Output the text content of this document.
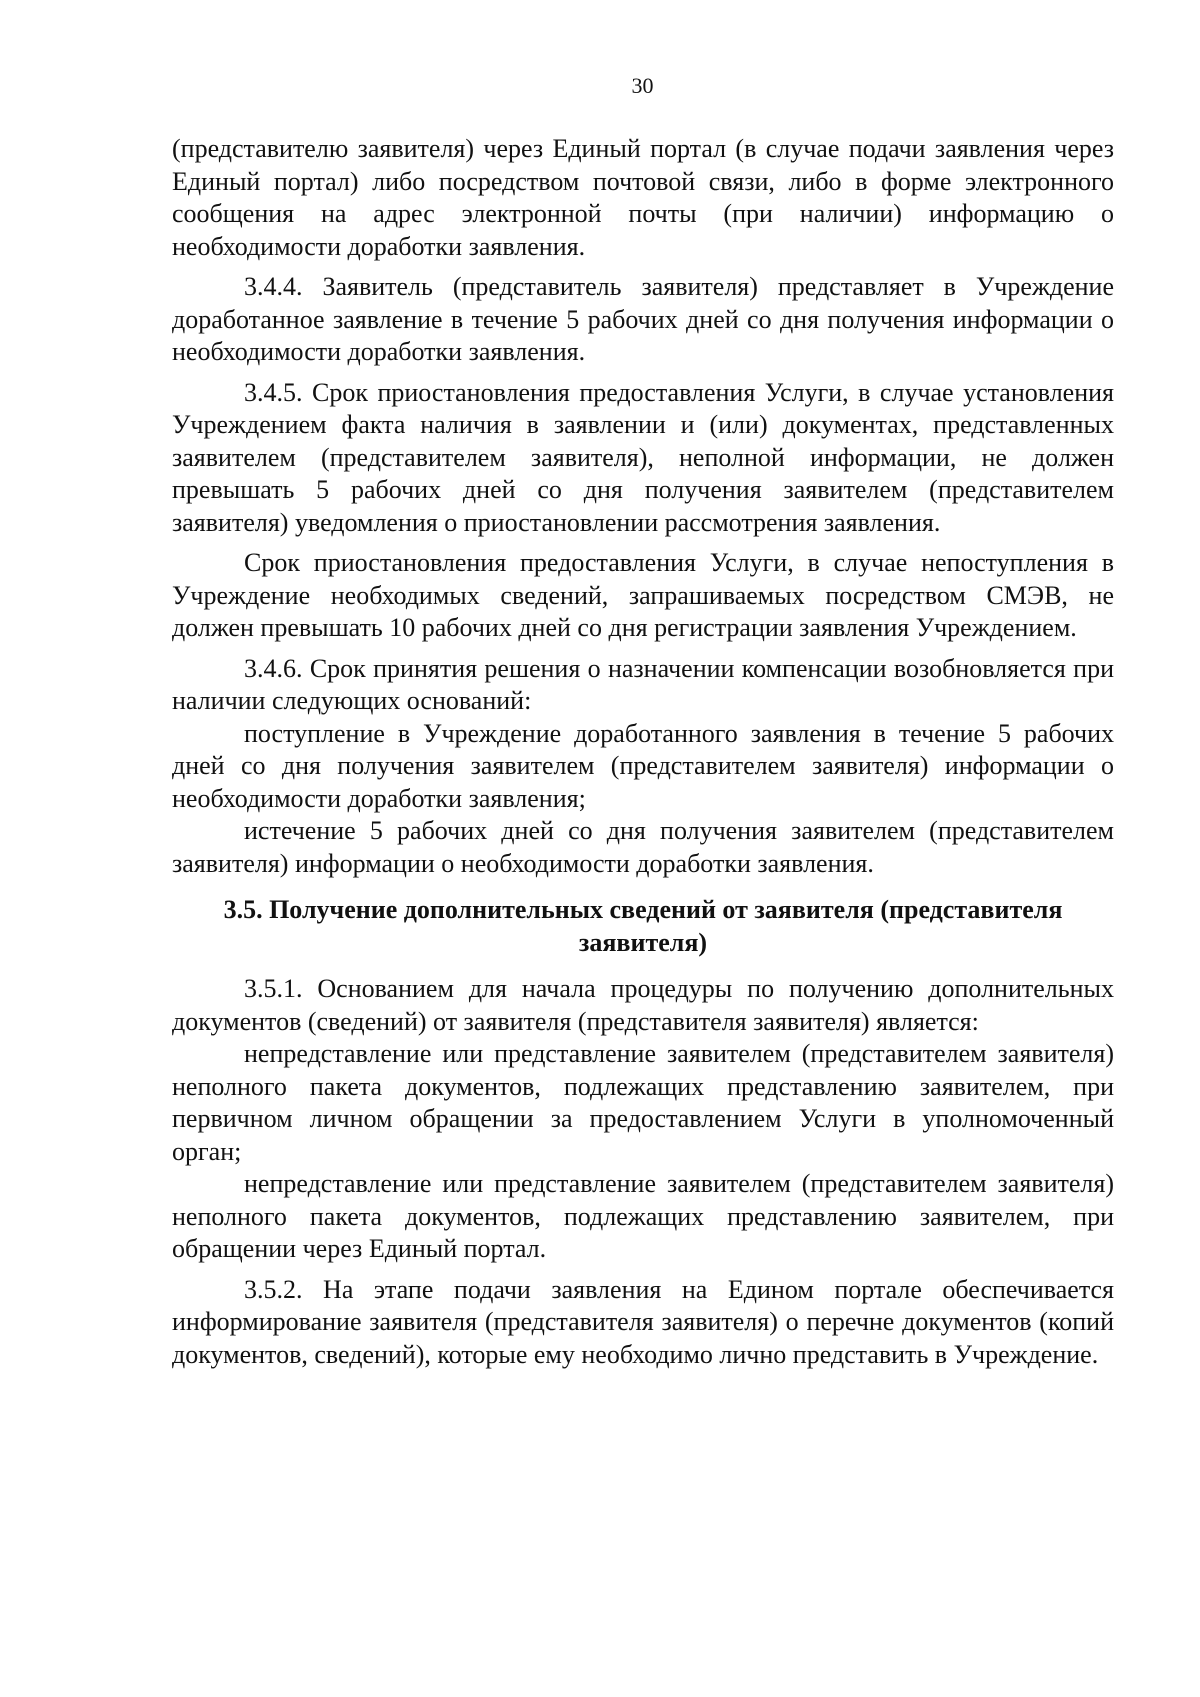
30

(представителю заявителя) через Единый портал (в случае подачи заявления через Единый портал) либо посредством почтовой связи, либо в форме электронного сообщения на адрес электронной почты (при наличии) информацию о необходимости доработки заявления.

3.4.4. Заявитель (представитель заявителя) представляет в Учреждение доработанное заявление в течение 5 рабочих дней со дня получения информации о необходимости доработки заявления.

3.4.5. Срок приостановления предоставления Услуги, в случае установления Учреждением факта наличия в заявлении и (или) документах, представленных заявителем (представителем заявителя), неполной информации, не должен превышать 5 рабочих дней со дня получения заявителем (представителем заявителя) уведомления о приостановлении рассмотрения заявления.

Срок приостановления предоставления Услуги, в случае непоступления в Учреждение необходимых сведений, запрашиваемых посредством СМЭВ, не должен превышать 10 рабочих дней со дня регистрации заявления Учреждением.

3.4.6. Срок принятия решения о назначении компенсации возобновляется при наличии следующих оснований:

поступление в Учреждение доработанного заявления в течение 5 рабочих дней со дня получения заявителем (представителем заявителя) информации о необходимости доработки заявления;

истечение 5 рабочих дней со дня получения заявителем (представителем заявителя) информации о необходимости доработки заявления.

3.5. Получение дополнительных сведений от заявителя (представителя заявителя)

3.5.1. Основанием для начала процедуры по получению дополнительных документов (сведений) от заявителя (представителя заявителя) является:

непредставление или представление заявителем (представителем заявителя) неполного пакета документов, подлежащих представлению заявителем, при первичном личном обращении за предоставлением Услуги в уполномоченный орган;

непредставление или представление заявителем (представителем заявителя) неполного пакета документов, подлежащих представлению заявителем, при обращении через Единый портал.

3.5.2. На этапе подачи заявления на Едином портале обеспечивается информирование заявителя (представителя заявителя) о перечне документов (копий документов, сведений), которые ему необходимо лично представить в Учреждение.
